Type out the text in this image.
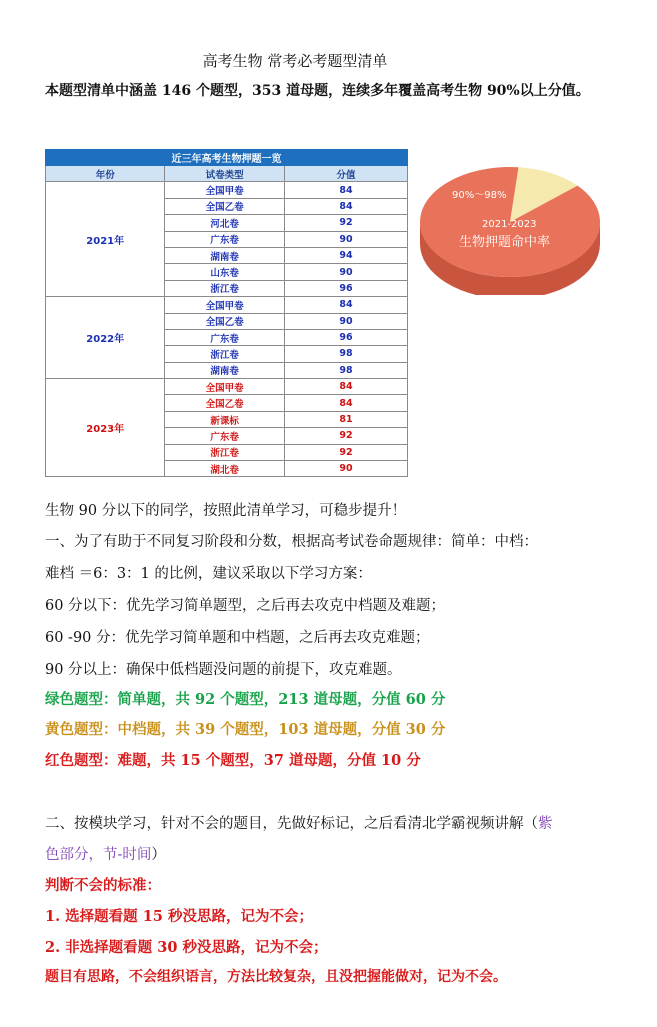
高考生物 常考必考题型清单
本题型清单中涵盖 146 个题型，353 道母题，连续多年覆盖高考生物 90%以上分值。
近三年高考生物押题一览		
年份	试卷类型	分值
2021年	全国甲卷	84
	全国乙卷	84
	河北卷	92
	广东卷	90
	湖南卷	94
	山东卷	90
	浙江卷	96
2022年	全国甲卷	84
	全国乙卷	90
	广东卷	96
	浙江卷	98
	湖南卷	98
2023年	全国甲卷	84
	全国乙卷	84
	新课标	81
	广东卷	92
	浙江卷	92
	湖北卷	90
90%～98%
2021-2023
生物押题命中率
生物 90 分以下的同学，按照此清单学习，可稳步提升！
一、为了有助于不同复习阶段和分数，根据高考试卷命题规律：简单：中档：
难档 ＝6：3：1 的比例，建议采取以下学习方案：
60 分以下：优先学习简单题型，之后再去攻克中档题及难题；
60 -90 分：优先学习简单题和中档题，之后再去攻克难题；
90 分以上：确保中低档题没问题的前提下，攻克难题。
绿色题型：简单题，共 92 个题型，213 道母题，分值 60 分
黄色题型：中档题，共 39 个题型，103 道母题，分值 30 分
红色题型：难题，共 15 个题型，37 道母题，分值 10 分
二、按模块学习，针对不会的题目，先做好标记，之后看清北学霸视频讲解（紫
色部分，节-时间）
判断不会的标准：
1. 选择题看题 15 秒没思路，记为不会；
2. 非选择题看题 30 秒没思路，记为不会；
题目有思路，不会组织语言，方法比较复杂，且没把握能做对，记为不会。
